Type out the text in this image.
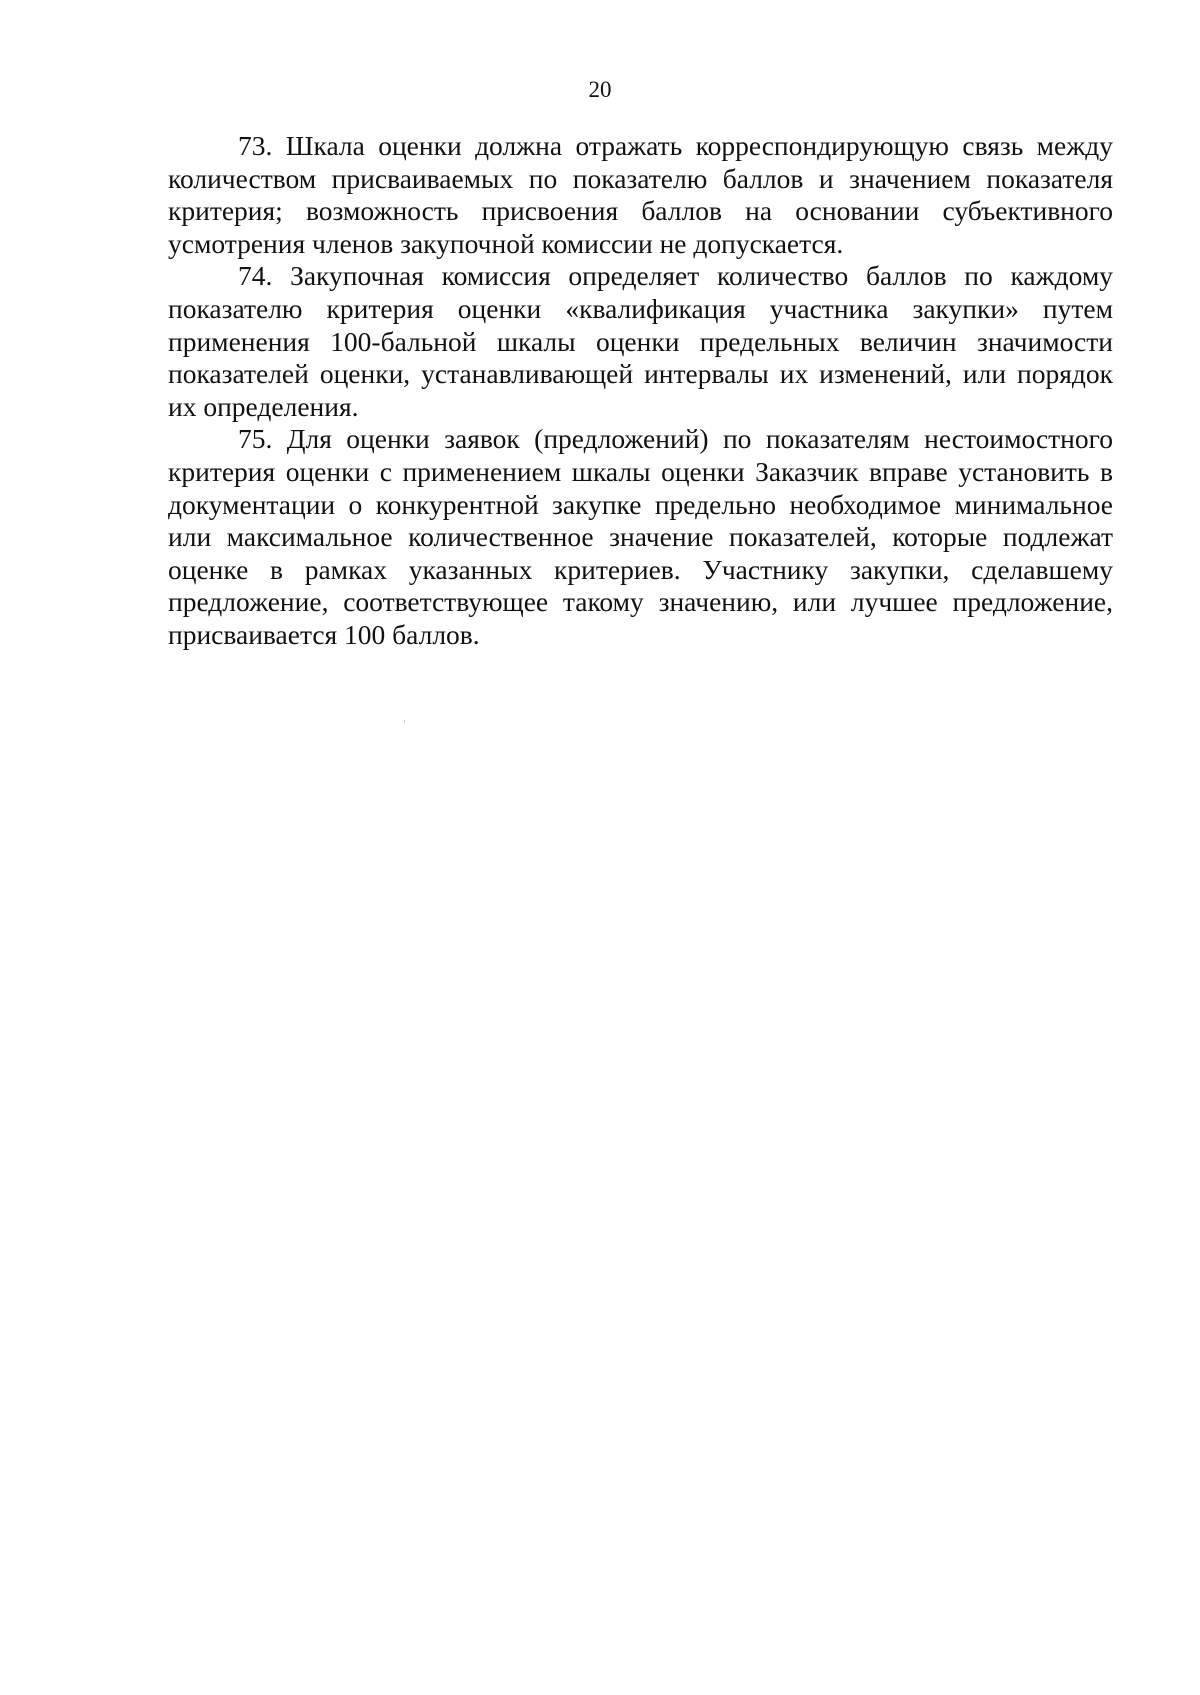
20

73. Шкала оценки должна отражать корреспондирующую связь между количеством присваиваемых по показателю баллов и значением показателя критерия; возможность присвоения баллов на основании субъективного усмотрения членов закупочной комиссии не допускается.

74. Закупочная комиссия определяет количество баллов по каждому показателю критерия оценки «квалификация участника закупки» путем применения 100-бальной шкалы оценки предельных величин значимости показателей оценки, устанавливающей интервалы их изменений, или порядок их определения.

75. Для оценки заявок (предложений) по показателям нестоимостного критерия оценки с применением шкалы оценки Заказчик вправе установить в документации о конкурентной закупке предельно необходимое минимальное или максимальное количественное значение показателей, которые подлежат оценке в рамках указанных критериев. Участнику закупки, сделавшему предложение, соответствующее такому значению, или лучшее предложение, присваивается 100 баллов.
